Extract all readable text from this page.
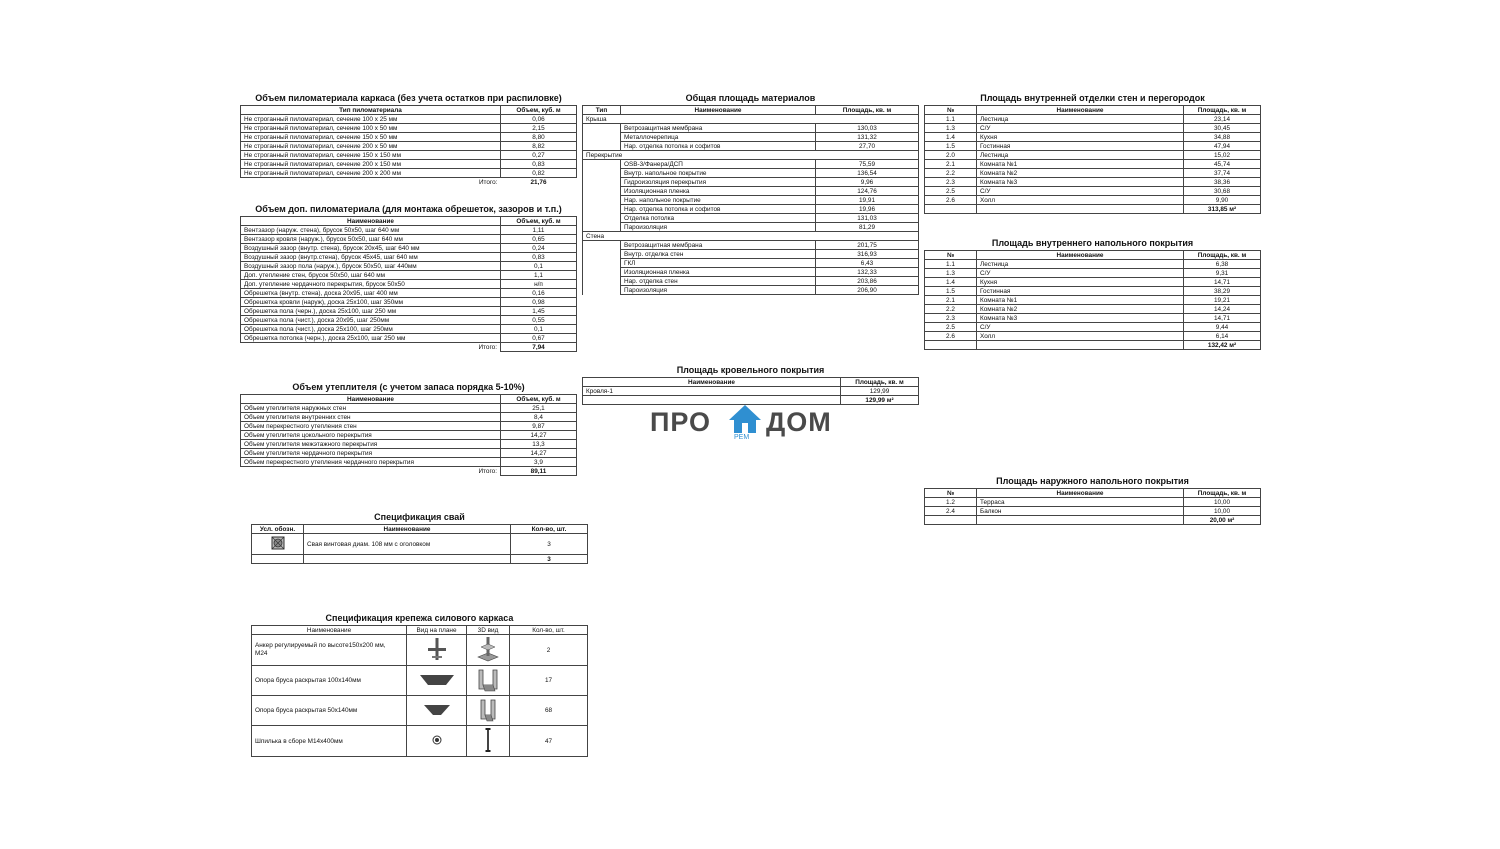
Объем пиломатериала каркаса (без учета остатков при распиловке)
Тип пиломатериала	Объем, куб. м
Не строганный пиломатериал, сечение 100 х 25 мм	0,06
Не строганный пиломатериал, сечение 100 х 50 мм	2,15
Не строганный пиломатериал, сечение 150 х 50 мм	8,80
Не строганный пиломатериал, сечение 200 х 50 мм	8,82
Не строганный пиломатериал, сечение 150 х 150 мм	0,27
Не строганный пиломатериал, сечение 200 х 150 мм	0,83
Не строганный пиломатериал, сечение 200 х 200 мм	0,82
Итого:	21,76
Объем доп. пиломатериала (для монтажа обрешеток, зазоров и т.п.)
Наименование	Объем, куб. м
Вентзазор (наруж. стена), брусок 50х50, шаг 640 мм	1,11
Вентзазор кровля (наруж.), брусок 50х50, шаг 640 мм	0,65
Воздушный зазор (внутр. стена), брусок 20х45, шаг 640 мм	0,24
Воздушный зазор (внутр.стена), брусок 45х45, шаг 640 мм	0,83
Воздушный зазор пола (наруж.), брусок 50х50, шаг 440мм	0,1
Доп. утепление стен, брусок 50х50, шаг 640 мм	1,1
Доп. утепление чердачного перекрытия, брусок 50х50	н/п
Обрешетка (внутр. стена), доска 20х95, шаг 400 мм	0,16
Обрешетка кровли (наруж), доска 25х100, шаг 350мм	0,98
Обрешетка пола (черн.), доска 25х100, шаг 250 мм	1,45
Обрешетка пола (чист.), доска 20х95, шаг 250мм	0,55
Обрешетка пола (чист.), доска 25х100, шаг 250мм	0,1
Обрешетка потолка (черн.), доска 25х100, шаг 250 мм	0,67
Итого:	7,94
Объем утеплителя (с учетом запаса порядка 5-10%)
Наименование	Объем, куб. м
Объем утеплителя наружных стен	25,1
Объем утеплителя внутренних стен	8,4
Объем перекрестного утепления стен	9,87
Объем утеплителя цокольного перекрытия	14,27
Объем утеплителя межэтажного перекрытия	13,3
Объем утеплителя чердачного перекрытия	14,27
Объем перекрестного утепления чердачного перекрытия	3,9
Итого:	89,11
Спецификация свай
Усл. обозн.	Наименование	Кол-во, шт.
	Свая винтовая диам. 108 мм с оголовком	3
		3
Спецификация крепежа силового каркаса
Наименование	Вид на плане	3D вид	Кол-во, шт.
Анкер регулируемый по высоте150х200 мм,
М24			2
Опора бруса раскрытая 100х140мм			17
Опора бруса раскрытая 50х140мм			68
Шпилька в сборе М14х400мм			47
Общая площадь материалов
Тип	Наименование	Площадь, кв. м
Крыша		
	Ветрозащитная мембрана	130,03
	Металлочерепица	131,32
	Нар. отделка потолка и софитов	27,70
Перекрытие		
	OSB-3/Фанера/ДСП	75,59
	Внутр. напольное покрытие	136,54
	Гидроизоляция перекрытия	9,96
	Изоляционная пленка	124,76
	Нар. напольное покрытие	19,91
	Нар. отделка потолка и софитов	19,96
	Отделка потолка	131,03
	Пароизоляция	81,29
Стена		
	Ветрозащитная мембрана	201,75
	Внутр. отделка стен	316,93
	ГКЛ	6,43
	Изоляционная пленка	132,33
	Нар. отделка стен	203,86
	Пароизоляция	206,90
Площадь кровельного покрытия
Наименование	Площадь, кв. м
Кровля-1	129,99
	129,99 м²
ПРО
РЕМ
ДОМ
Площадь внутренней отделки стен и перегородок
№	Наименование	Площадь, кв. м
1.1	Лестница	23,14
1.3	С/У	30,45
1.4	Кухня	34,88
1.5	Гостинная	47,94
2.0	Лестница	15,02
2.1	Комната №1	45,74
2.2	Комната №2	37,74
2.3	Комната №3	38,36
2.5	С/У	30,68
2.6	Холл	9,90
		313,85 м²
Площадь внутреннего напольного покрытия
№	Наименование	Площадь, кв. м
1.1	Лестница	6,38
1.3	С/У	9,31
1.4	Кухня	14,71
1.5	Гостинная	38,29
2.1	Комната №1	19,21
2.2	Комната №2	14,24
2.3	Комната №3	14,71
2.5	С/У	9,44
2.6	Холл	6,14
		132,42 м²
Площадь наружного напольного покрытия
№	Наименование	Площадь, кв. м
1.2	Терраса	10,00
2.4	Балкон	10,00
		20,00 м²
